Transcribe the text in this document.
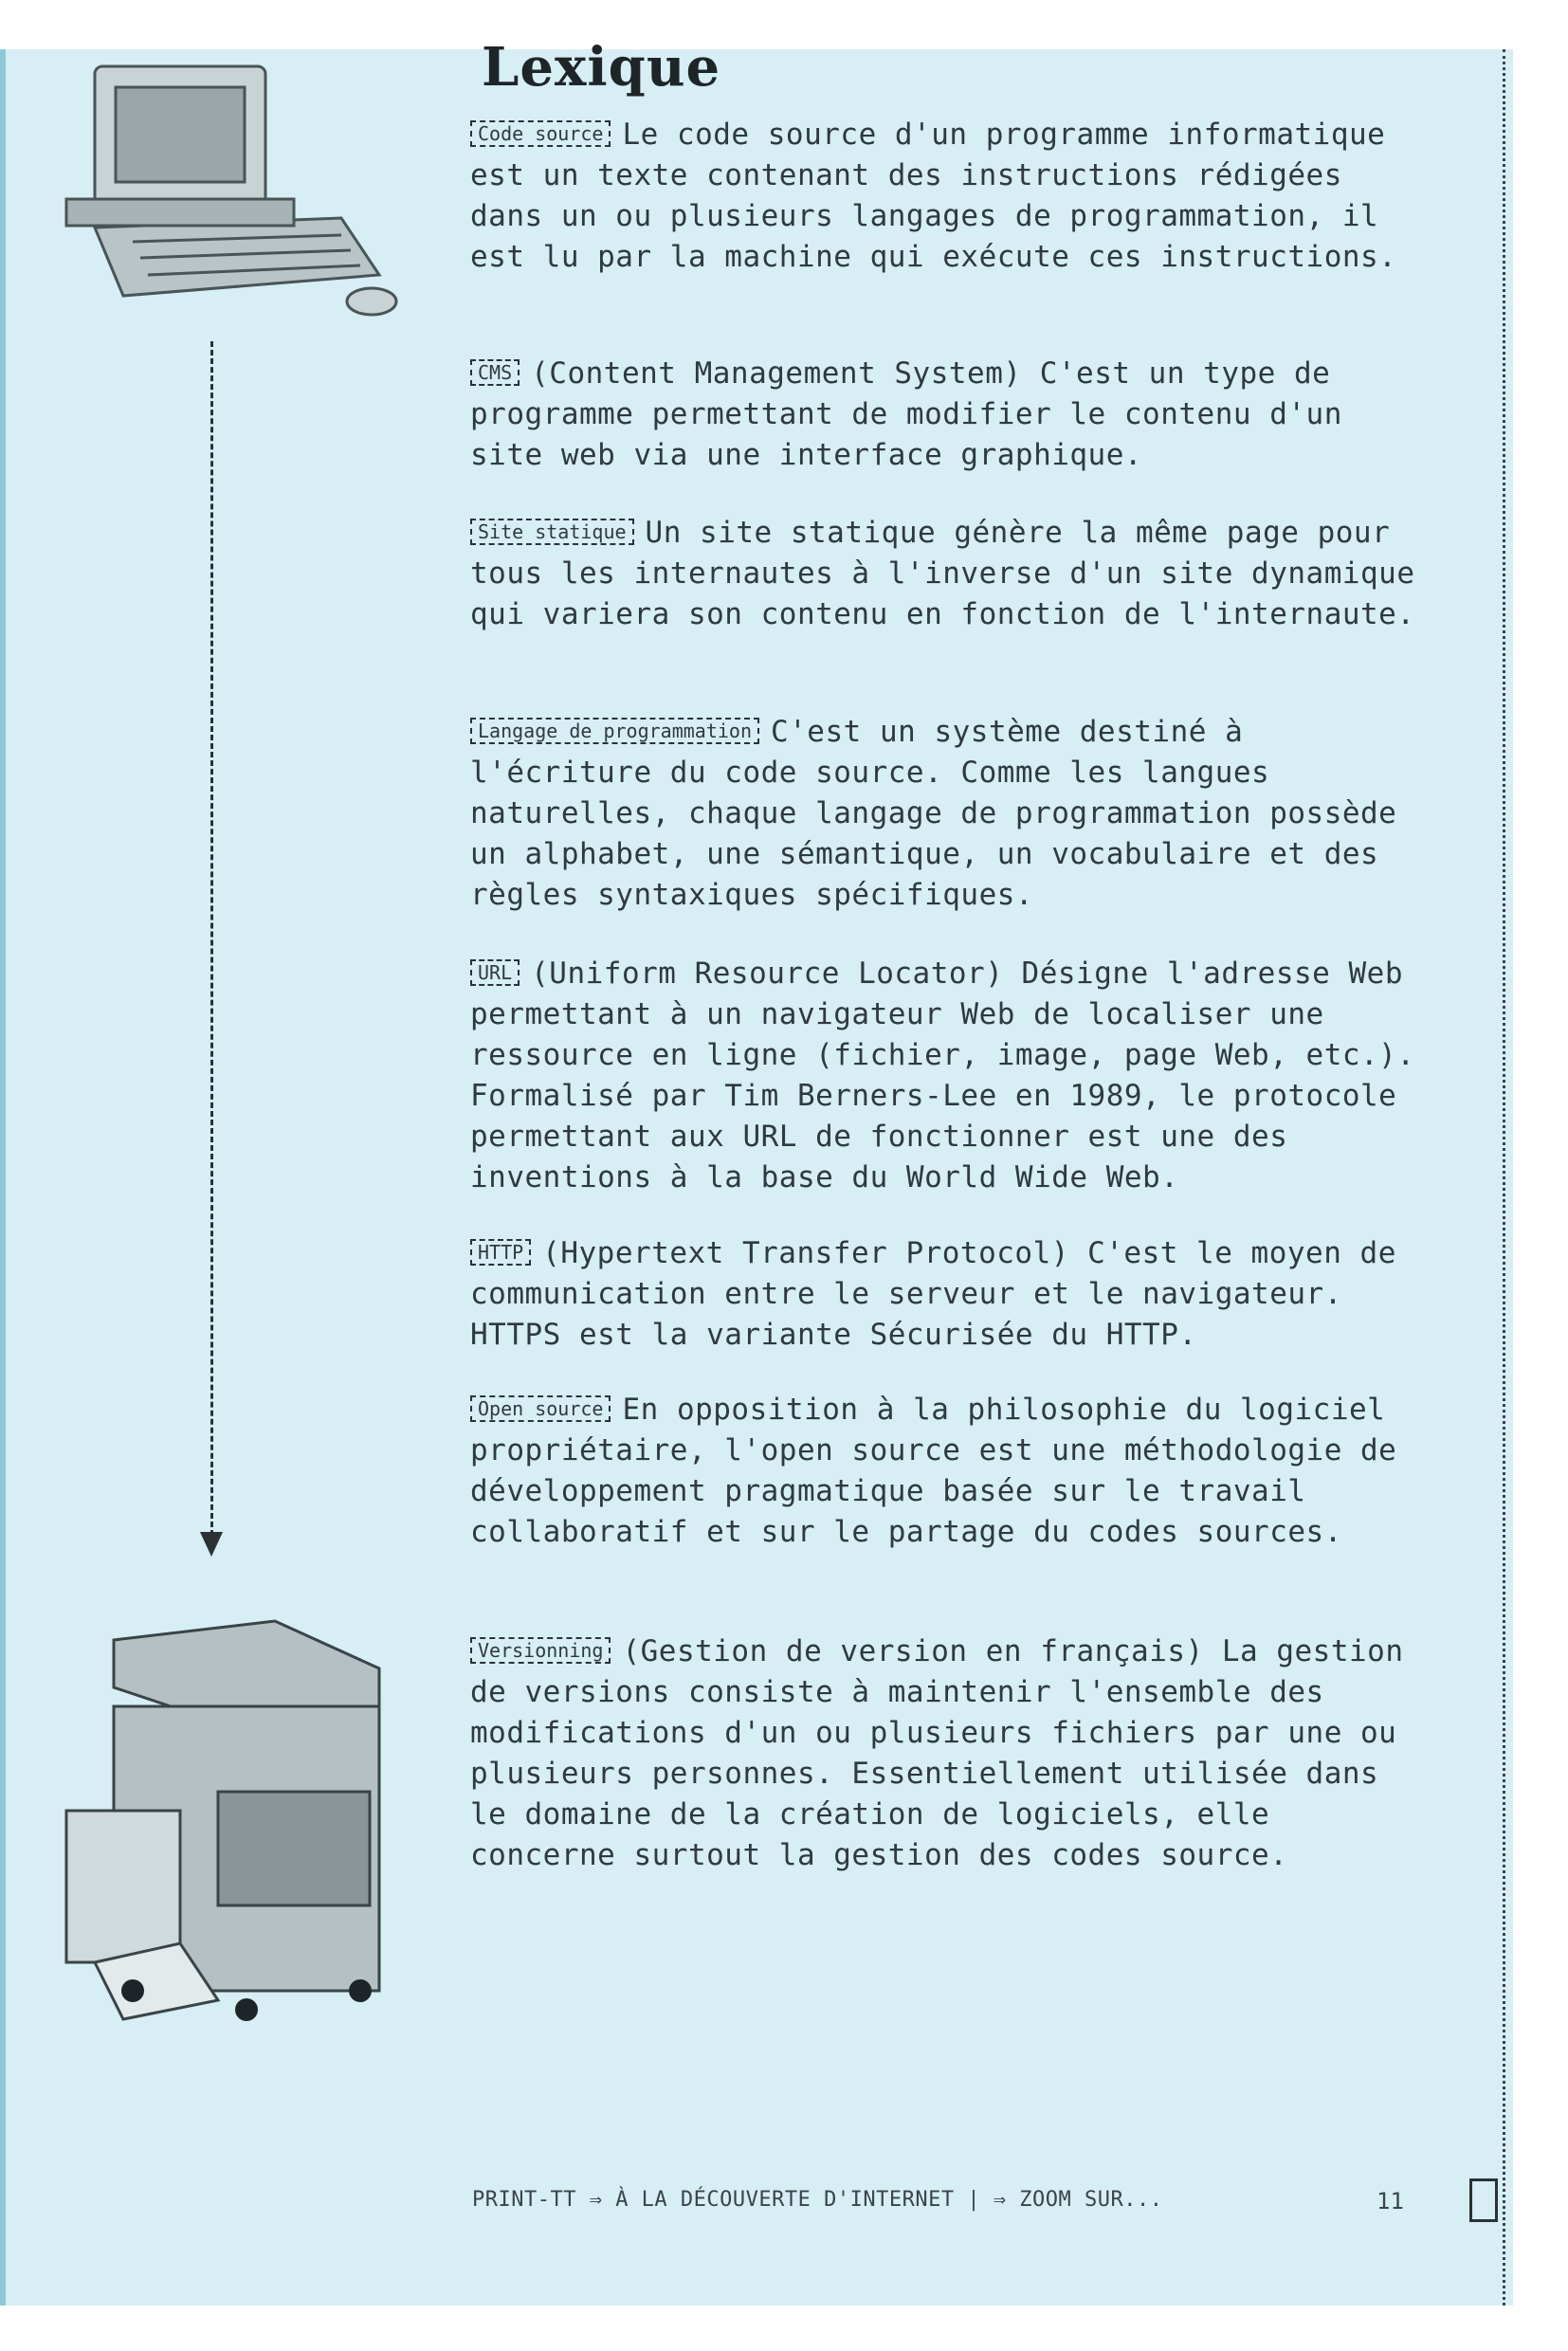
Lexique
Code source Le code source d'un programme informatique est un texte contenant des instructions rédigées dans un ou plusieurs langages de programmation, il est lu par la machine qui exécute ces instructions.
CMS (Content Management System) C'est un type de programme permettant de modifier le contenu d'un site web via une interface graphique.
Site statique Un site statique génère la même page pour tous les internautes à l'inverse d'un site dynamique qui variera son contenu en fonction de l'internaute.
Langage de programmation C'est un système destiné à l'écriture du code source. Comme les langues naturelles, chaque langage de programmation possède un alphabet, une sémantique, un vocabulaire et des règles syntaxiques spécifiques.
URL (Uniform Resource Locator) Désigne l'adresse Web permettant à un navigateur Web de localiser une ressource en ligne (fichier, image, page Web, etc.). Formalisé par Tim Berners-Lee en 1989, le protocole permettant aux URL de fonctionner est une des inventions à la base du World Wide Web.
HTTP (Hypertext Transfer Protocol) C'est le moyen de communication entre le serveur et le navigateur. HTTPS est la variante Sécurisée du HTTP.
Open source En opposition à la philosophie du logiciel propriétaire, l'open source est une méthodologie de développement pragmatique basée sur le travail collaboratif et sur le partage du codes sources.
Versionning (Gestion de version en français) La gestion de versions consiste à maintenir l'ensemble des modifications d'un ou plusieurs fichiers par une ou plusieurs personnes. Essentiellement utilisée dans le domaine de la création de logiciels, elle concerne surtout la gestion des codes source.
PRINT-TT ⇒ À LA DÉCOUVERTE D'INTERNET | ⇒ ZOOM SUR...	11
